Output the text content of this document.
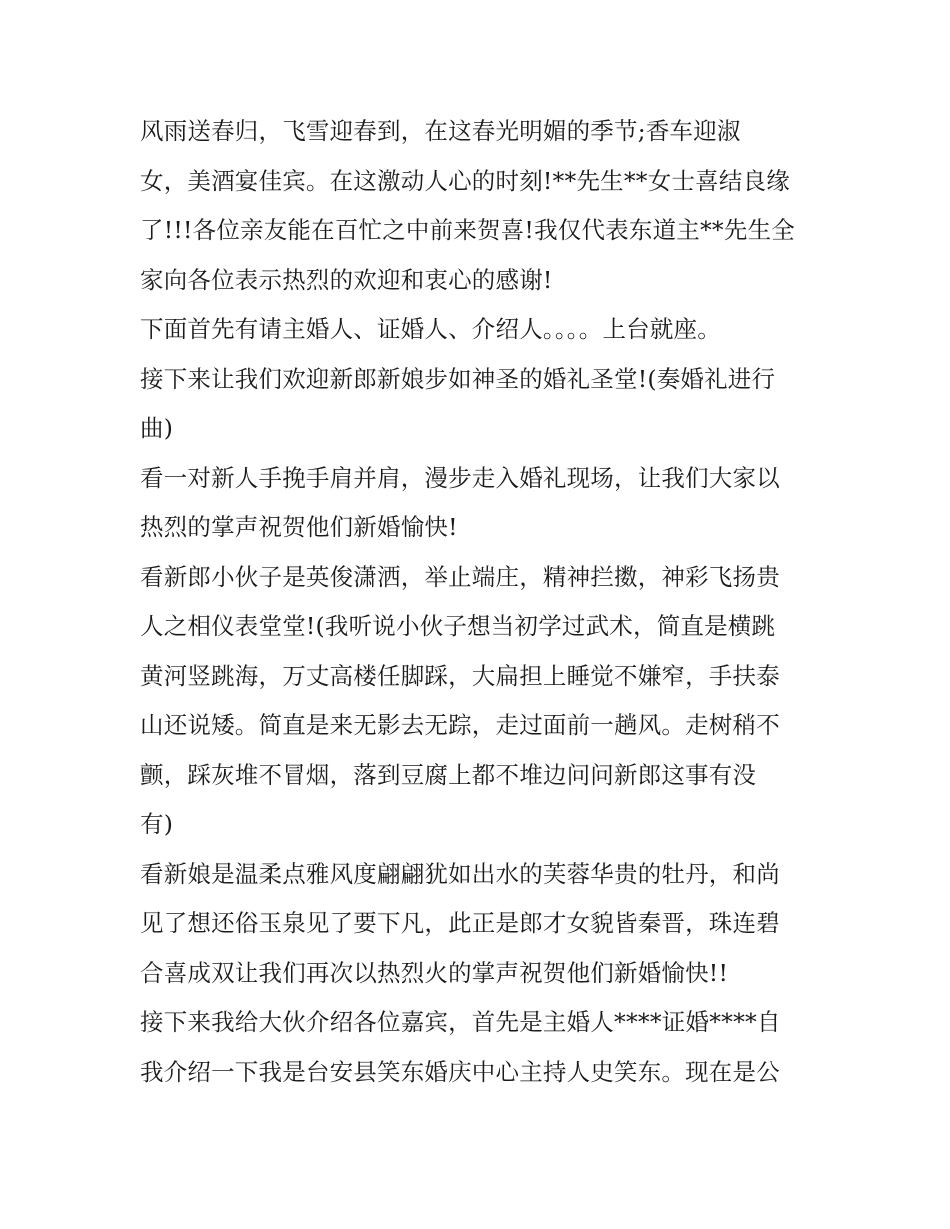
风雨送春归，飞雪迎春到，在这春光明媚的季节;香车迎淑
女，美酒宴佳宾。在这激动人心的时刻!**先生**女士喜结良缘
了!!!各位亲友能在百忙之中前来贺喜!我仅代表东道主**先生全
家向各位表示热烈的欢迎和衷心的感谢!
下面首先有请主婚人、证婚人、介绍人。。。。上台就座。
接下来让我们欢迎新郎新娘步如神圣的婚礼圣堂!(奏婚礼进行
曲)
看一对新人手挽手肩并肩，漫步走入婚礼现场，让我们大家以
热烈的掌声祝贺他们新婚愉快!
看新郎小伙子是英俊潇洒，举止端庄，精神拦擞，神彩飞扬贵
人之相仪表堂堂!(我听说小伙子想当初学过武术，简直是横跳
黄河竖跳海，万丈高楼任脚踩，大扁担上睡觉不嫌窄，手扶泰
山还说矮。简直是来无影去无踪，走过面前一趟风。走树稍不
颤，踩灰堆不冒烟，落到豆腐上都不堆边问问新郎这事有没
有)
看新娘是温柔点雅风度翩翩犹如出水的芙蓉华贵的牡丹，和尚
见了想还俗玉泉见了要下凡，此正是郎才女貌皆秦晋，珠连碧
合喜成双让我们再次以热烈火的掌声祝贺他们新婚愉快!!
接下来我给大伙介绍各位嘉宾，首先是主婚人****证婚****自
我介绍一下我是台安县笑东婚庆中心主持人史笑东。现在是公
